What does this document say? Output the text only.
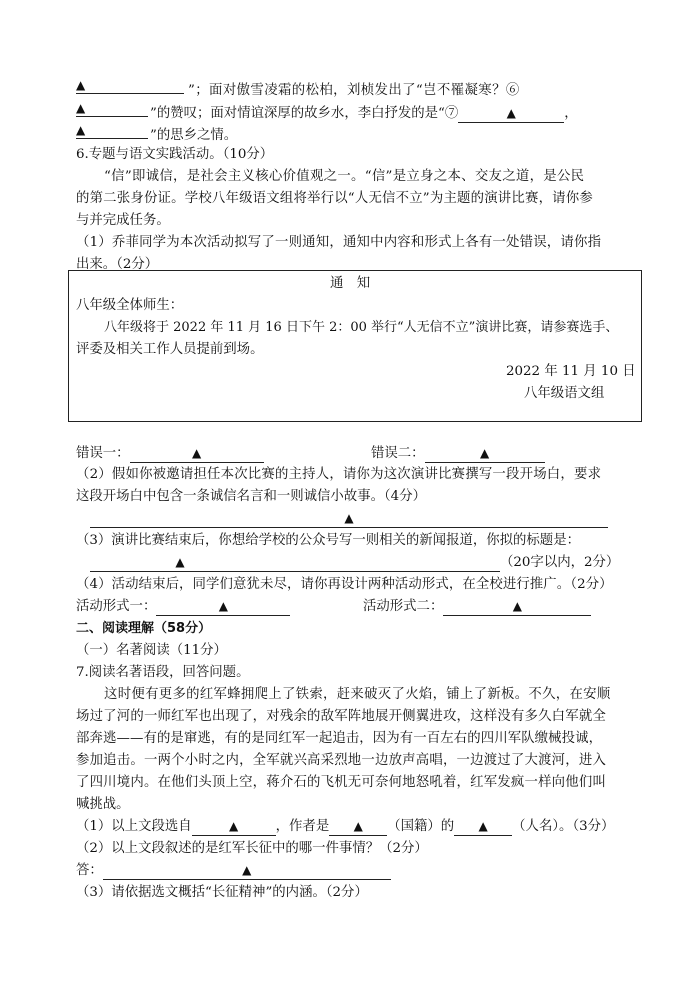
▲	”；面对傲雪凌霜的松柏，刘桢发出了“岂不罹凝寒？⑥
▲	”的赞叹；面对情谊深厚的故乡水，李白抒发的是“⑦	▲	，
▲	”的思乡之情。
6.专题与语文实践活动。（10分）
“信”即诚信，是社会主义核心价值观之一。“信”是立身之本、交友之道，是公民
的第二张身份证。学校八年级语文组将举行以“人无信不立”为主题的演讲比赛，请你参
与并完成任务。
（1）乔菲同学为本次活动拟写了一则通知，通知中内容和形式上各有一处错误，请你指
出来。（2分）
通　知
八年级全体师生：
八年级将于 2022 年 11 月 16 日下午 2：00 举行“人无信不立”演讲比赛，请参赛选手、
评委及相关工作人员提前到场。
2022 年 11 月 10 日
八年级语文组
错误一：	▲	错误二：	▲
（2）假如你被邀请担任本次比赛的主持人，请你为这次演讲比赛撰写一段开场白，要求
这段开场白中包含一条诚信名言和一则诚信小故事。（4分）
▲
（3）演讲比赛结束后，你想给学校的公众号写一则相关的新闻报道，你拟的标题是：
▲	（20字以内，2分）
（4）活动结束后，同学们意犹未尽，请你再设计两种活动形式，在全校进行推广。（2分）
活动形式一：	▲	活动形式二：	▲
二、阅读理解（58分）
（一）名著阅读（11分）
7.阅读名著语段，回答问题。
这时便有更多的红军蜂拥爬上了铁索，赶来破灭了火焰，铺上了新板。不久，在安顺
场过了河的一师红军也出现了，对残余的敌军阵地展开侧翼进攻，这样没有多久白军就全
部奔逃——有的是窜逃，有的是同红军一起追击，因为有一百左右的四川军队缴械投诚，
参加追击。一两个小时之内，全军就兴高采烈地一边放声高唱，一边渡过了大渡河，进入
了四川境内。在他们头顶上空，蒋介石的飞机无可奈何地怒吼着，红军发疯一样向他们叫
喊挑战。
（1）以上文段选自	▲	，作者是 ▲ （国籍）的 ▲ （人名）。（3分）
（2）以上文段叙述的是红军长征中的哪一件事情？（2分）
答：	▲
（3）请依据选文概括“长征精神”的内涵。（2分）
